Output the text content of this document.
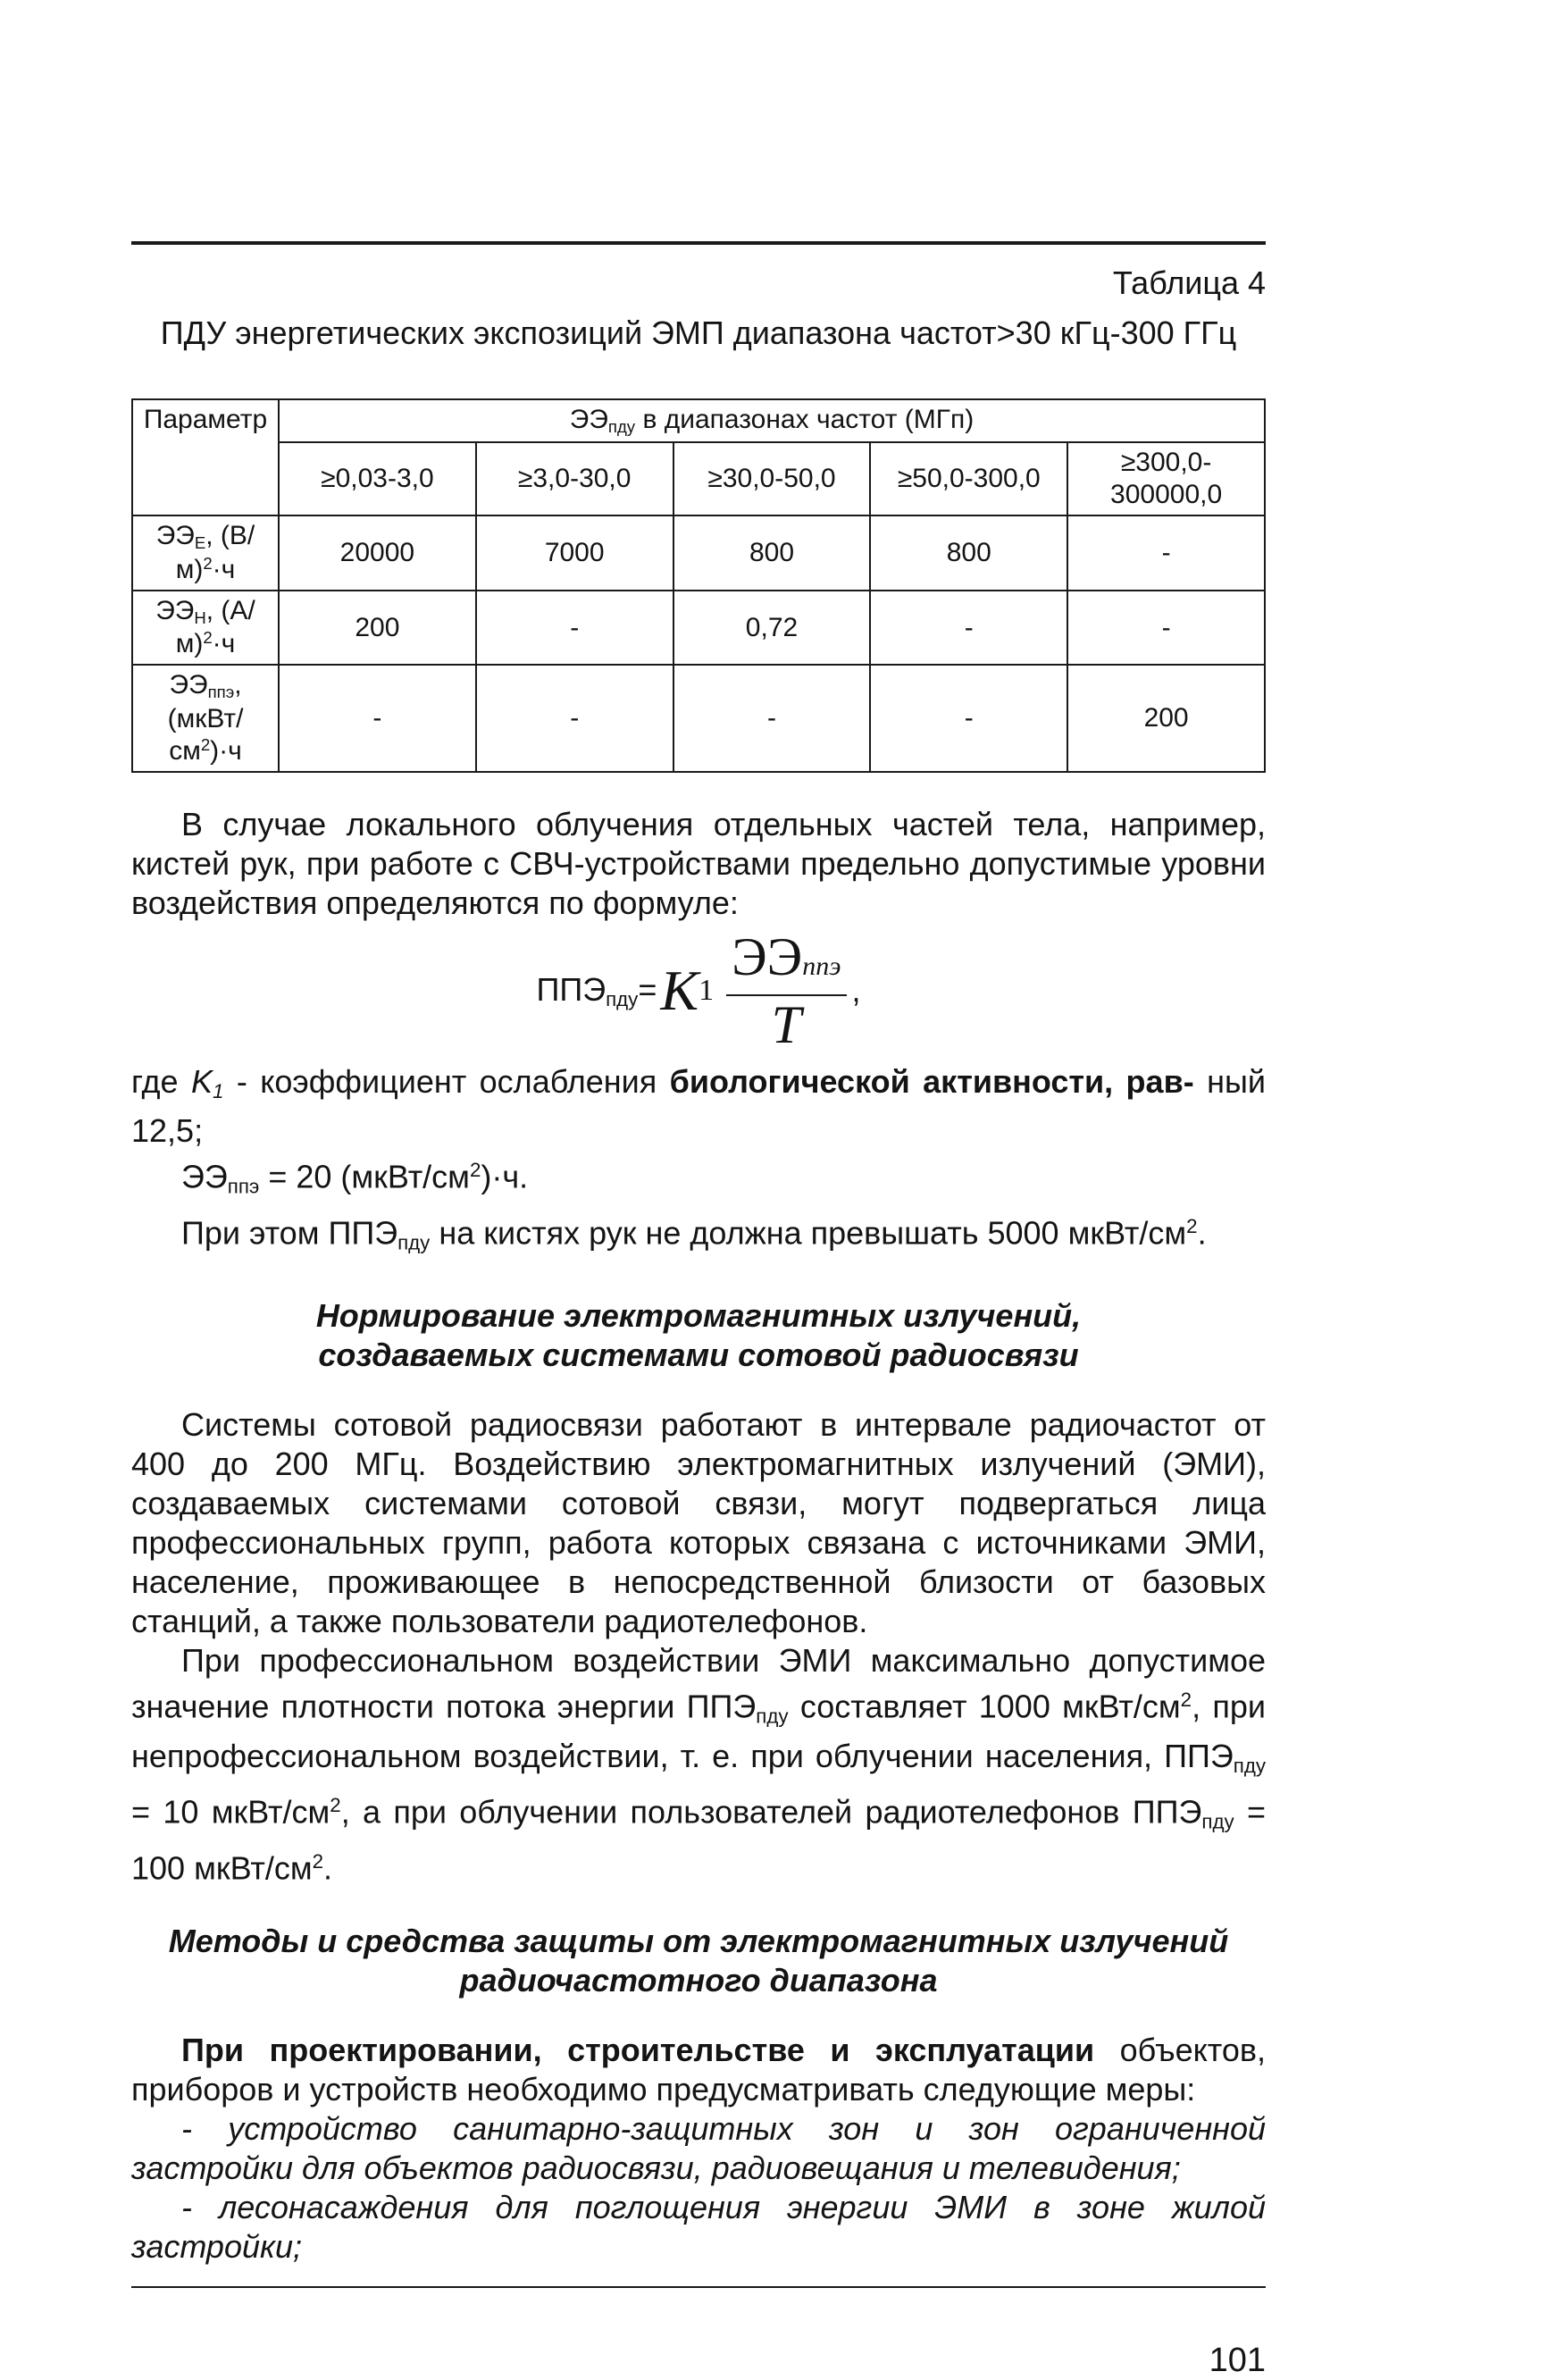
Таблица 4
ПДУ энергетических экспозиций ЭМП диапазона частот>30 кГц-300 ГГц
Параметр	$ЭЭ_{пду}$ в диапазонах частот (МГп)				
	≥0,03-3,0	≥3,0-30,0	≥30,0-50,0	≥50,0-300,0	≥300,0-300000,0
$ЭЭ_Е$, $(В/м)^2\cdot ч$	20000	7000	800	800	-
$ЭЭ_Н$, $(А/м)^2\cdot ч$	200	-	0,72	-	-
$ЭЭ_{ппэ}$, $(мкВт/см^2)\cdot ч$	-	-	-	-	200

В случае локального облучения отдельных частей тела, например, кистей рук, при работе с СВЧ-устройствами предельно допустимые уровни воздействия определяются по формуле:

$ППЭ_{пду}= K$ $1 \frac{\text{ЭЭппэ}}{T}$ ,

где $K_1$ - коэффициент ослабления биологической активности, рав- ный 12,5;

$ЭЭ_{ппэ} = 20$ $(мкВт/см^2)\cdot ч$.

При этом $ППЭ_{пду}$ на кистях рук не должна превышать 5000 мкВт/$см^2$.

Нормирование электромагнитных излучений,
создаваемых системами сотовой радиосвязи

Системы сотовой радиосвязи работают в интервале радиочастот от 400 до 200 МГц. Воздействию электромагнитных излучений (ЭМИ), создаваемых системами сотовой связи, могут подвергаться лица профессиональных групп, работа которых связана с источниками ЭМИ, население, проживающее в непосредственной близости от базовых станций, а также пользователи радиотелефонов.

При профессиональном воздействии ЭМИ максимально допустимое значение плотности потока энергии $ППЭ_{пду}$ составляет 1000 мкВт/$см^2$, при непрофессиональном воздействии, т. е. при облучении населения, $ППЭ_{пду} = 10$ мкВт/$см^2$, а при облучении пользователей радиотелефонов $ППЭ_{пду} = 100$ мкВт/$см^2$.

Методы и средства защиты от электромагнитных излучений
радиочастотного диапазона

При проектировании, строительстве и эксплуатации объектов, приборов и устройств необходимо предусматривать следующие меры:

- устройство санитарно-защитных зон и зон ограниченной застройки для объектов радиосвязи, радиовещания и телевидения;

- лесонасаждения для поглощения энергии ЭМИ в зоне жилой застройки;

101
